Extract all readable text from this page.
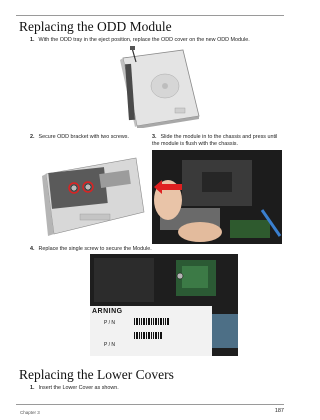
Replacing the ODD Module
1. With the ODD tray in the eject position, replace the ODD cover on the new ODD Module.
2. Secure ODD bracket with two screws.	3. Slide the module in to the chassis and press until the module is flush with the chassis.
4. Replace the single screw to secure the Module.
ARNING
P / N
P / N
Replacing the Lower Covers
1. Insert the Lower Cover as shown.
Chapter 3	187
